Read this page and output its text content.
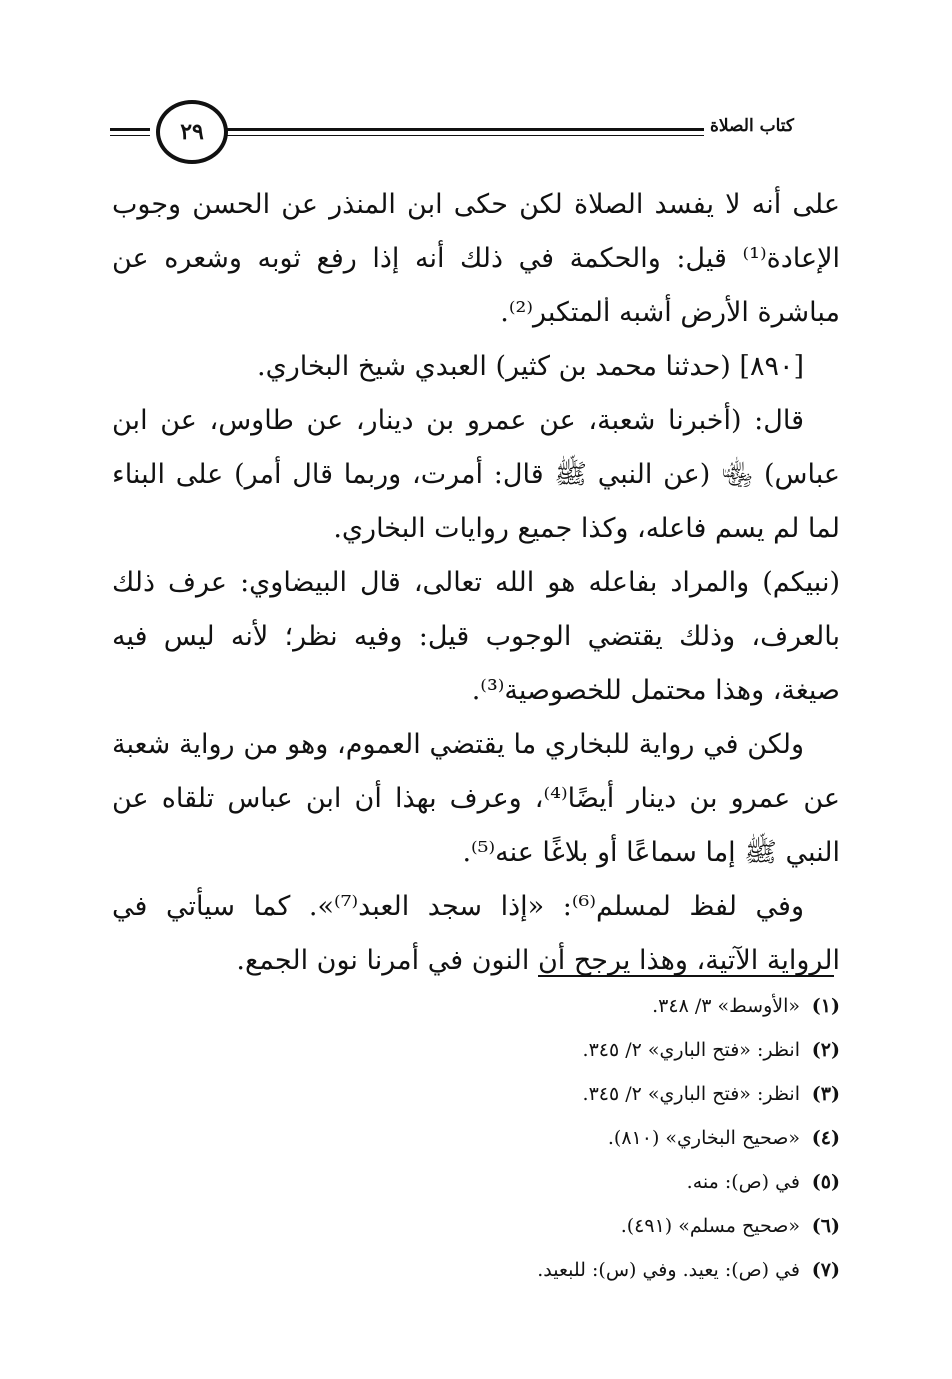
٢٩	كتاب الصلاة

على أنه لا يفسد الصلاة لكن حكى ابن المنذر عن الحسن وجوب الإعادة⁽¹⁾ قيل: والحكمة في ذلك أنه إذا رفع ثوبه وشعره عن مباشرة الأرض أشبه المتكبر⁽²⁾.

[٨٩٠] (حدثنا محمد بن كثير) العبدي شيخ البخاري.

قال: (أخبرنا شعبة، عن عمرو بن دينار، عن طاوس، عن ابن عباس) ﵄ (عن النبي ﷺ قال: أمرت، وربما قال أمر) على البناء لما لم يسم فاعله، وكذا جميع روايات البخاري.

(نبيكم) والمراد بفاعله هو الله تعالى، قال البيضاوي: عرف ذلك بالعرف، وذلك يقتضي الوجوب قيل: وفيه نظر؛ لأنه ليس فيه صيغة، وهذا محتمل للخصوصية⁽³⁾.

ولكن في رواية للبخاري ما يقتضي العموم، وهو من رواية شعبة عن عمرو بن دينار أيضًا⁽⁴⁾، وعرف بهذا أن ابن عباس تلقاه عن النبي ﷺ إما سماعًا أو بلاغًا عنه⁽⁵⁾.

وفي لفظ لمسلم⁽⁶⁾: «إذا سجد العبد⁽⁷⁾». كما سيأتي في الرواية الآتية، وهذا يرجح أن النون في أمرنا نون الجمع.

(١)«الأوسط» ٣/ ٣٤٨.
(٢)انظر: «فتح الباري» ٢/ ٣٤٥.
(٣)انظر: «فتح الباري» ٢/ ٣٤٥.
(٤)«صحيح البخاري» (٨١٠).
(٥)في (ص): منه.
(٦)«صحيح مسلم» (٤٩١).
(٧)في (ص): يعيد. وفي (س): للبعيد.
